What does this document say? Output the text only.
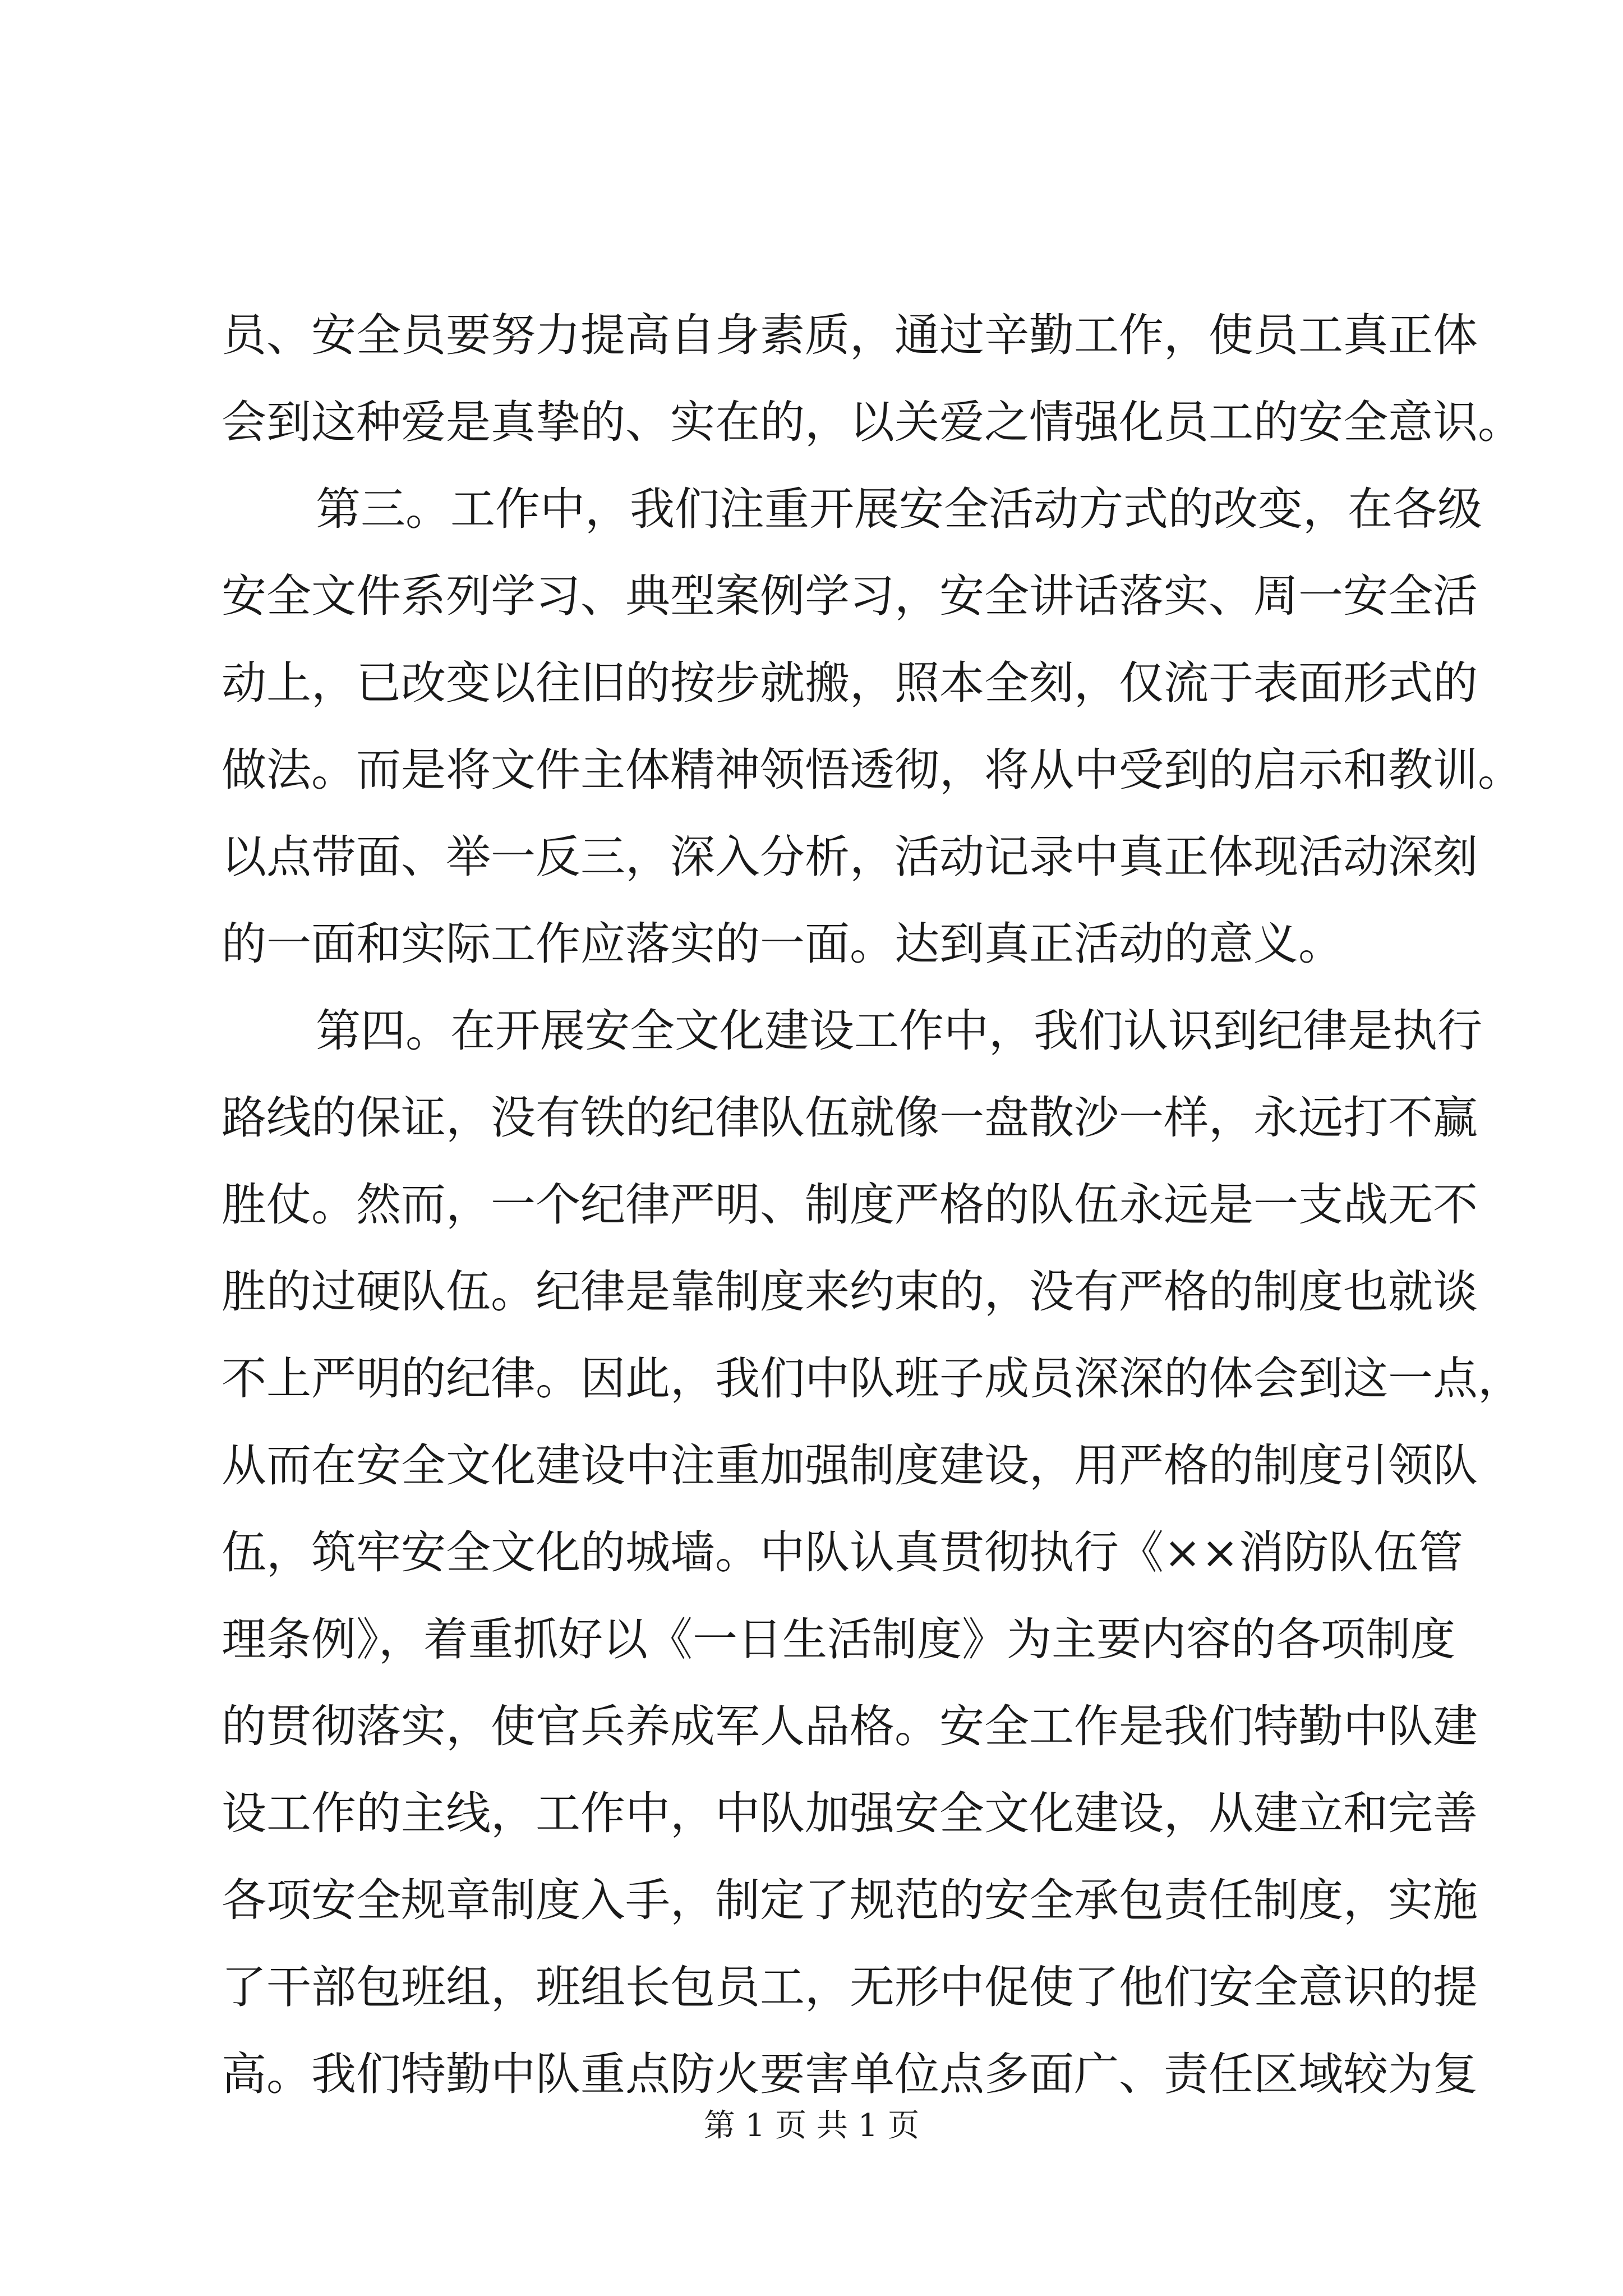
员、安全员要努力提高自身素质，通过辛勤工作，使员工真正体
会到这种爱是真挚的、实在的，以关爱之情强化员工的安全意识。
第三。工作中，我们注重开展安全活动方式的改变，在各级
安全文件系列学习、典型案例学习，安全讲话落实、周一安全活
动上，已改变以往旧的按步就搬，照本全刻，仅流于表面形式的
做法。而是将文件主体精神领悟透彻，将从中受到的启示和教训。
以点带面、举一反三，深入分析，活动记录中真正体现活动深刻
的一面和实际工作应落实的一面。达到真正活动的意义。
第四。在开展安全文化建设工作中，我们认识到纪律是执行
路线的保证，没有铁的纪律队伍就像一盘散沙一样，永远打不赢
胜仗。然而，一个纪律严明、制度严格的队伍永远是一支战无不
胜的过硬队伍。纪律是靠制度来约束的，没有严格的制度也就谈
不上严明的纪律。因此，我们中队班子成员深深的体会到这一点，
从而在安全文化建设中注重加强制度建设，用严格的制度引领队
伍，筑牢安全文化的城墙。中队认真贯彻执行《××消防队伍管
理条例》，着重抓好以《一日生活制度》为主要内容的各项制度
的贯彻落实，使官兵养成军人品格。安全工作是我们特勤中队建
设工作的主线，工作中，中队加强安全文化建设，从建立和完善
各项安全规章制度入手，制定了规范的安全承包责任制度，实施
了干部包班组，班组长包员工，无形中促使了他们安全意识的提
高。我们特勤中队重点防火要害单位点多面广、责任区域较为复
第 1 页 共 1 页
